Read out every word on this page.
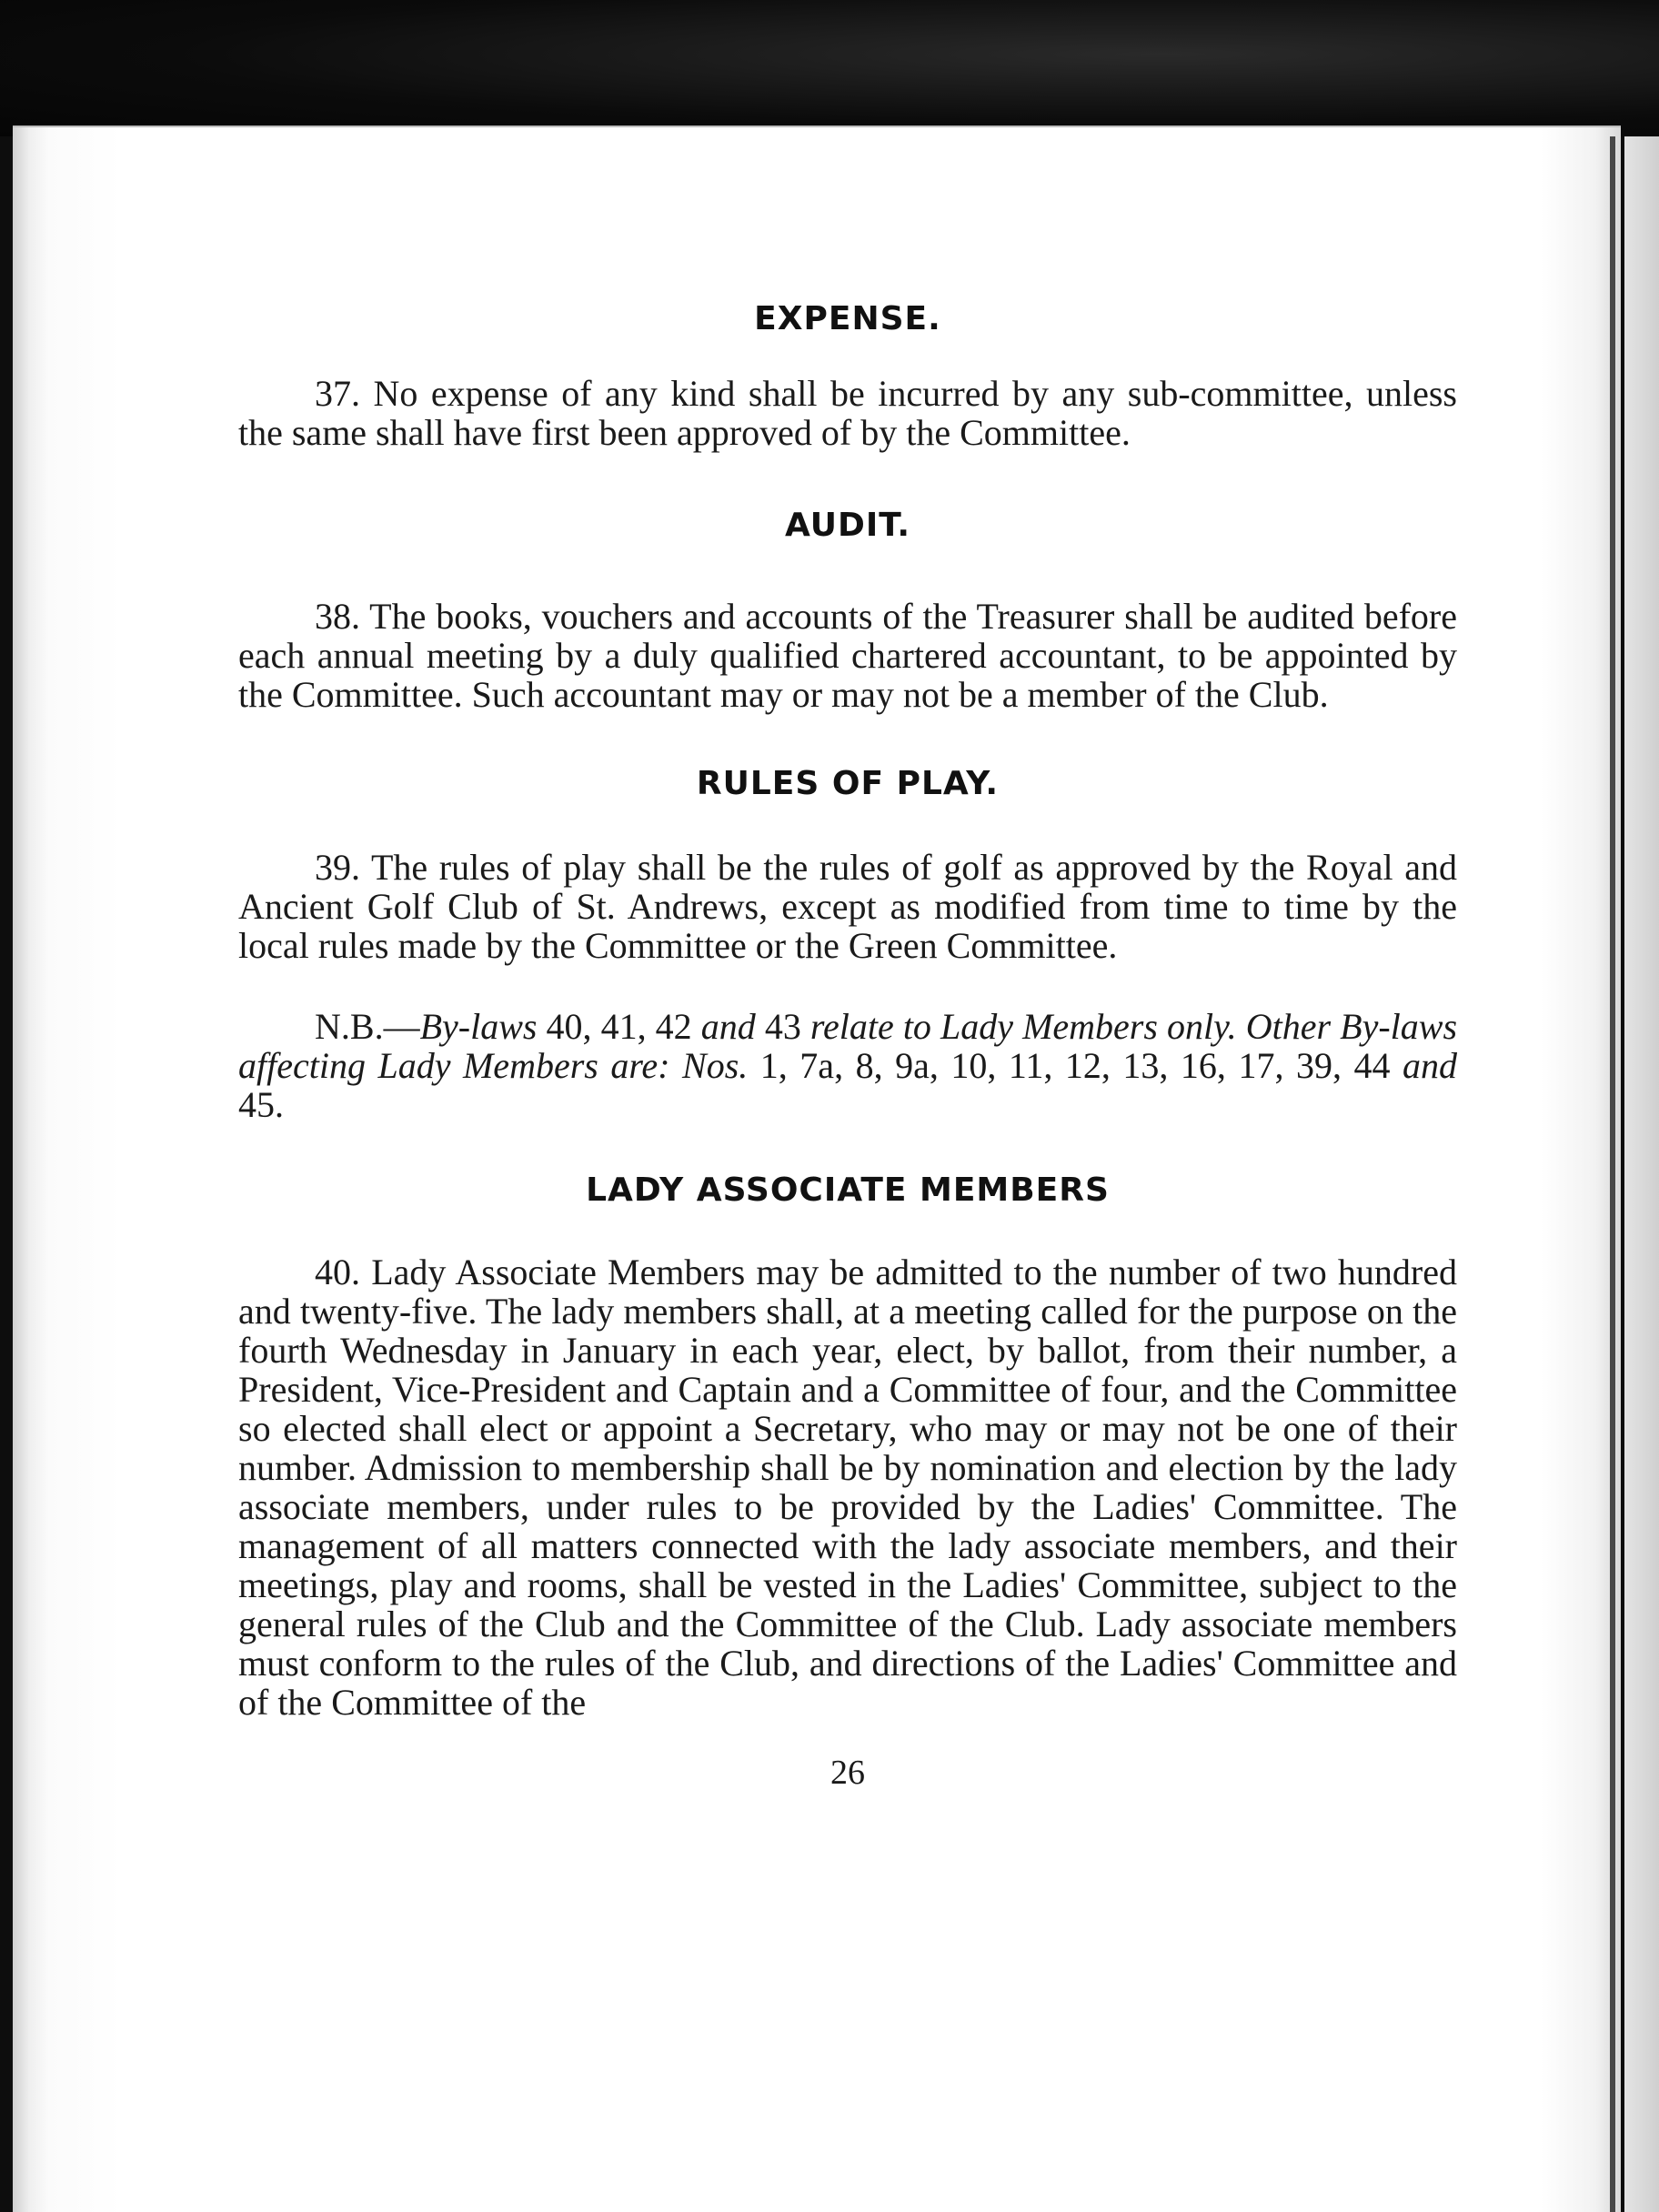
EXPENSE.

37. No expense of any kind shall be incurred by any sub-committee, unless the same shall have first been approved of by the Committee.

AUDIT.

38. The books, vouchers and accounts of the Treasurer shall be audited before each annual meeting by a duly qualified chartered accountant, to be appointed by the Committee. Such accountant may or may not be a member of the Club.

RULES OF PLAY.

39. The rules of play shall be the rules of golf as approved by the Royal and Ancient Golf Club of St. Andrews, except as modified from time to time by the local rules made by the Committee or the Green Committee.

N.B.—By-laws 40, 41, 42 and 43 relate to Lady Members only. Other By-laws affecting Lady Members are: Nos. 1, 7a, 8, 9a, 10, 11, 12, 13, 16, 17, 39, 44 and 45.

LADY ASSOCIATE MEMBERS

40. Lady Associate Members may be admitted to the number of two hundred and twenty-five. The lady members shall, at a meeting called for the purpose on the fourth Wednesday in January in each year, elect, by ballot, from their number, a President, Vice-President and Captain and a Committee of four, and the Committee so elected shall elect or appoint a Secretary, who may or may not be one of their number. Admission to membership shall be by nomination and election by the lady associate members, under rules to be provided by the Ladies' Committee. The management of all matters connected with the lady associate members, and their meetings, play and rooms, shall be vested in the Ladies' Committee, subject to the general rules of the Club and the Committee of the Club. Lady associate members must conform to the rules of the Club, and directions of the Ladies' Committee and of the Committee of the

26
